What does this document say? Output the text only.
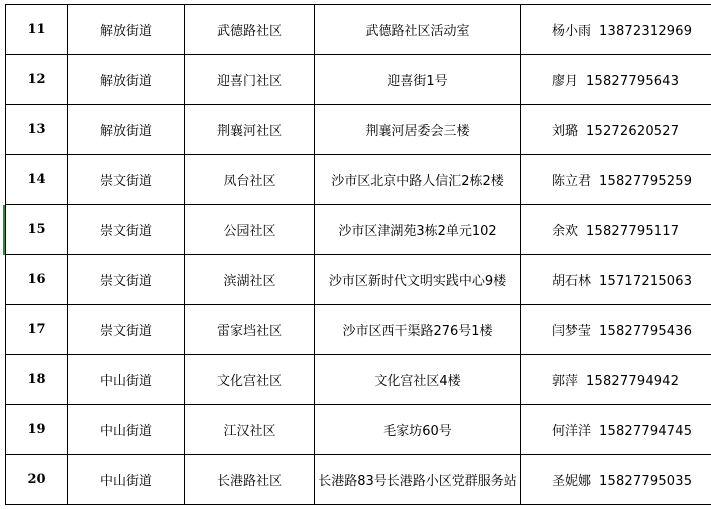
11	解放街道	武德路社区	武德路社区活动室	杨小雨 13872312969
12	解放街道	迎喜门社区	迎喜街1号	廖月 15827795643
13	解放街道	荆襄河社区	荆襄河居委会三楼	刘璐 15272620527
14	崇文街道	凤台社区	沙市区北京中路人信汇2栋2楼	陈立君 15827795259
15	崇文街道	公园社区	沙市区津湖苑3栋2单元102	余欢 15827795117
16	崇文街道	滨湖社区	沙市区新时代文明实践中心9楼	胡石林 15717215063
17	崇文街道	雷家垱社区	沙市区西干渠路276号1楼	闫梦莹 15827795436
18	中山街道	文化宫社区	文化宫社区4楼	郭萍 15827794942
19	中山街道	江汉社区	毛家坊60号	何洋洋 15827794745
20	中山街道	长港路社区	长港路83号长港路小区党群服务站	圣妮娜 15827795035
